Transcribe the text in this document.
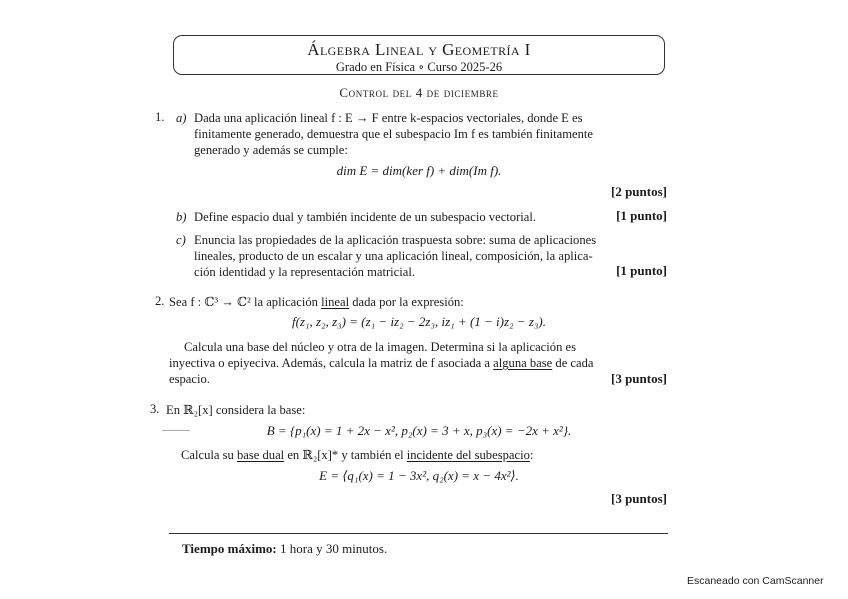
Álgebra Lineal y Geometría I
Grado en Física ∘ Curso 2025-26
Control del 4 de diciembre
1. a) Dada una aplicación lineal f : E → F entre k-espacios vectoriales, donde E es
finitamente generado, demuestra que el subespacio Im f es también finitamente
generado y además se cumple:
dim E = dim(ker f) + dim(Im f).
[2 puntos]
b) Define espacio dual y también incidente de un subespacio vectorial.	[1 punto]
c) Enuncia las propiedades de la aplicación traspuesta sobre: suma de aplicaciones
lineales, producto de un escalar y una aplicación lineal, composición, la aplica-
ción identidad y la representación matricial.	[1 punto]
2. Sea f : ℂ³ → ℂ² la aplicación lineal dada por la expresión:
f(z₁, z₂, z₃) = (z₁ − iz₂ − 2z₃, iz₁ + (1 − i)z₂ − z₃).
Calcula una base del núcleo y otra de la imagen. Determina si la aplicación es
inyectiva o epiyeciva. Además, calcula la matriz de f asociada a alguna base de cada
espacio.	[3 puntos]
3. En ℝ₂[x] considera la base:
B = {p₁(x) = 1 + 2x − x², p₂(x) = 3 + x, p₃(x) = −2x + x²}.
Calcula su base dual en ℝ₂[x]* y también el incidente del subespacio:
E = ⟨q₁(x) = 1 − 3x², q₂(x) = x − 4x²⟩.
[3 puntos]
Tiempo máximo: 1 hora y 30 minutos.
Escaneado con CamScanner
